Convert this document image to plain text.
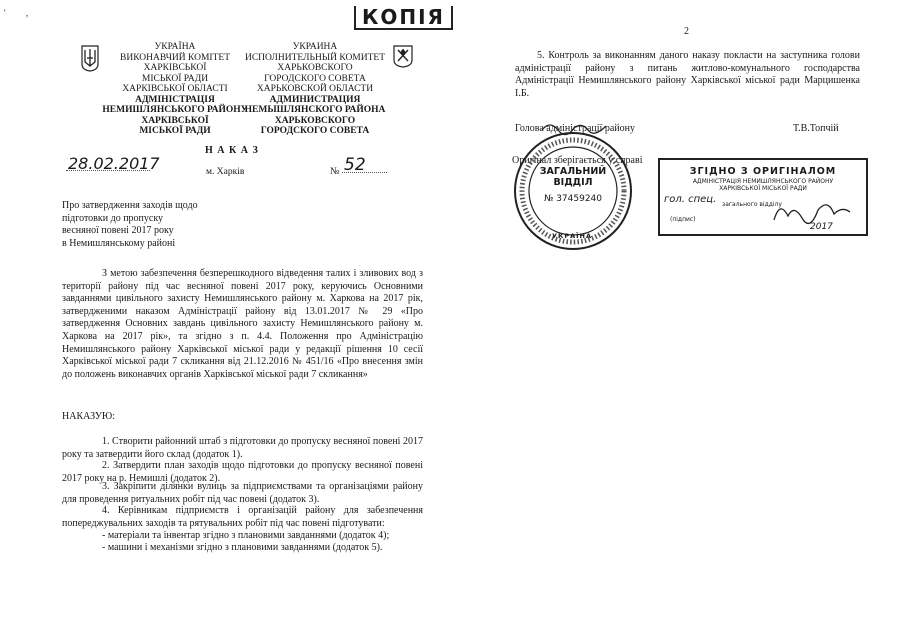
'         ,	КОПІЯ
2
УКРАЇНА
ВИКОНАВЧИЙ КОМІТЕТ
ХАРКІВСЬКОЇ
МІСЬКОЇ РАДИ
ХАРКІВСЬКОЇ ОБЛАСТІ
АДМІНІСТРАЦІЯ
НЕМИШЛЯНСЬКОГО РАЙОНУ
ХАРКІВСЬКОЇ
МІСЬКОЇ РАДИ
УКРАИНА
ИСПОЛНИТЕЛЬНЫЙ КОМИТЕТ
ХАРЬКОВСКОГО
ГОРОДСКОГО СОВЕТА
ХАРЬКОВСКОЙ ОБЛАСТИ
АДМИНИСТРАЦИЯ
НЕМЫШЛЯНСКОГО РАЙОНА
ХАРЬКОВСКОГО
ГОРОДСКОГО СОВЕТА
Н А К А З
28.02.2017	м. Харків	№ 52
Про затвердження заходів щодо
підготовки до пропуску
весняної повені 2017 року
в Немишлянському районі
З метою забезпечення безперешкодного відведення талих і зливових вод з території району під час весняної повені 2017 року, керуючись Основними завданнями цивільного захисту Немишлянського району м. Харкова на 2017 рік, затвердженими наказом Адміністрації району від 13.01.2017 № 29 «Про затвердження Основних завдань цивільного захисту Немишлянського району м. Харкова на 2017 рік», та згідно з п. 4.4. Положення про Адміністрацію Немишлянського району Харківської міської ради у редакції рішення 10 сесії Харківської міської ради 7 скликання від 21.12.2016 № 451/16 «Про внесення змін до положень виконавчих органів Харківської міської ради 7 скликання»
НАКАЗУЮ:
1. Створити районний штаб з підготовки до пропуску весняної повені 2017 року та затвердити його склад (додаток 1).
2. Затвердити план заходів щодо підготовки до пропуску весняної повені 2017 року на р. Немишлі (додаток 2).
3. Закріпити ділянки вулиць за підприємствами та організаціями району для проведення ритуальних робіт під час повені (додаток 3).
4. Керівникам підприємств і організацій району для забезпечення попереджувальних заходів та рятувальних робіт під час повені підготувати:
- матеріали та інвентар згідно з плановими завданнями (додаток 4);
- машини і механізми згідно з плановими завданнями (додаток 5).
5. Контроль за виконанням даного наказу покласти на заступника голови адміністрації району з питань житлово-комунального господарства Адміністрації Немишлянського району Харківської міської ради Марцишенка І.Б.
Голова адміністрації району	Т.В.Топчій
Оригінал зберігається у справі
ЗАГАЛЬНИЙ
ВІДДІЛ
№ 37459240
УКРАЇНА
ЗГІДНО З ОРИГІНАЛОМ
АДМІНІСТРАЦІЯ НЕМИШЛЯНСЬКОГО РАЙОНУ
ХАРКІВСЬКОЇ МІСЬКОЇ РАДИ
гол. спец. загального відділу
(підпис)
2017
